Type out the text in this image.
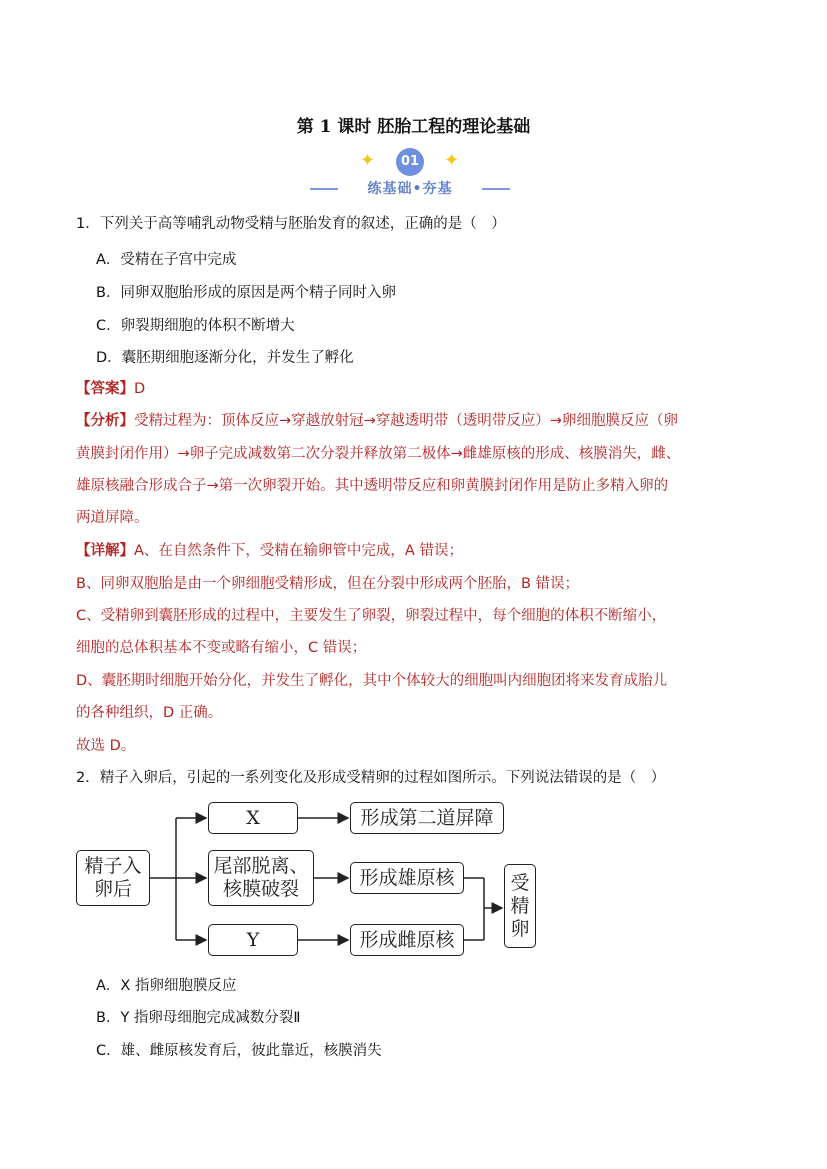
第 1 课时 胚胎工程的理论基础
✦	01 ✦
练基础•夯基
1．下列关于高等哺乳动物受精与胚胎发育的叙述，正确的是（　）
A．受精在子宫中完成
B．同卵双胞胎形成的原因是两个精子同时入卵
C．卵裂期细胞的体积不断增大
D．囊胚期细胞逐渐分化，并发生了孵化
【答案】D
【分析】受精过程为：顶体反应→穿越放射冠→穿越透明带（透明带反应）→卵细胞膜反应（卵
黄膜封闭作用）→卵子完成减数第二次分裂并释放第二极体→雌雄原核的形成、核膜消失，雌、
雄原核融合形成合子→第一次卵裂开始。其中透明带反应和卵黄膜封闭作用是防止多精入卵的
两道屏障。
【详解】A、在自然条件下，受精在输卵管中完成，A 错误；
B、同卵双胞胎是由一个卵细胞受精形成，但在分裂中形成两个胚胎，B 错误；
C、受精卵到囊胚形成的过程中，主要发生了卵裂，卵裂过程中，每个细胞的体积不断缩小，
细胞的总体积基本不变或略有缩小，C 错误；
D、囊胚期时细胞开始分化，并发生了孵化，其中个体较大的细胞叫内细胞团将来发育成胎儿
的各种组织，D 正确。
故选 D。
2．精子入卵后，引起的一系列变化及形成受精卵的过程如图所示。下列说法错误的是（　）
精子入卵后
X
尾部脱离、核膜破裂
Y
形成第二道屏障
形成雄原核
形成雌原核
受精卵
A．X 指卵细胞膜反应
B．Y 指卵母细胞完成减数分裂Ⅱ
C．雄、雌原核发育后，彼此靠近，核膜消失
